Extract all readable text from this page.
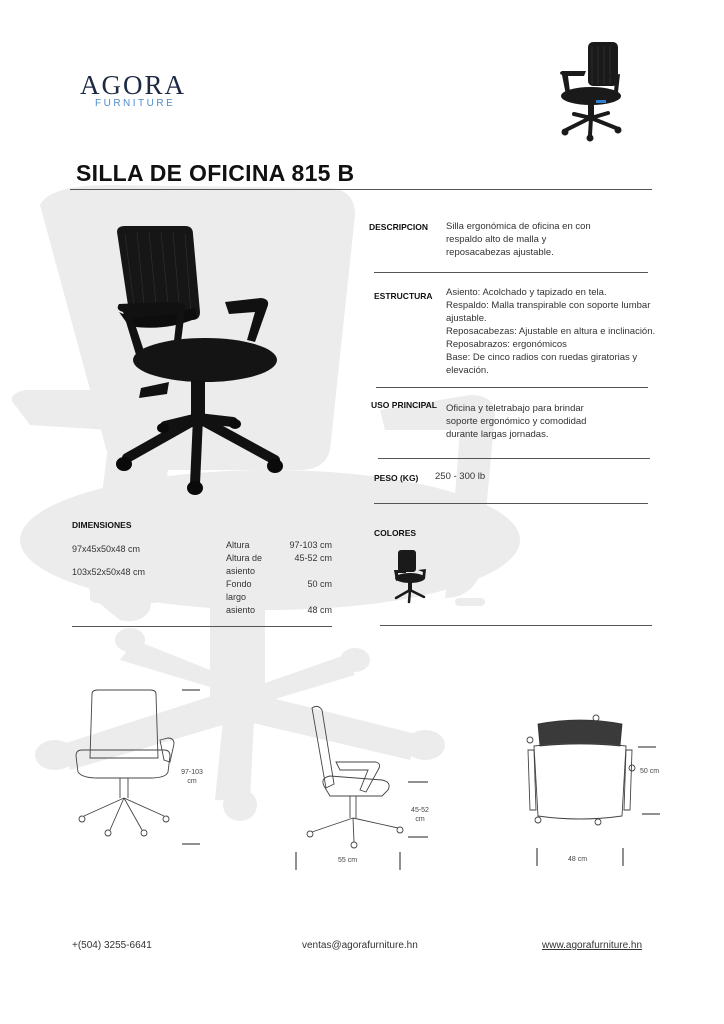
AGORA
FURNITURE
SILLA DE OFICINA 815 B
DESCRIPCION Silla ergonómica de oficina en con
respaldo alto de malla y
reposacabezas ajustable.
ESTRUCTURA Asiento: Acolchado y tapizado en tela.
Respaldo: Malla transpirable con soporte lumbar
ajustable.
Reposacabezas: Ajustable en altura e inclinación.
Reposabrazos: ergonómicos
Base: De cinco radios con ruedas giratorias y
elevación.
USO PRINCIPAL Oficina y teletrabajo para brindar
soporte ergonómico y comodidad
durante largas jornadas.
PESO (KG) 250 - 300 lb
COLORES
DIMENSIONES
97x45x50x48 cm
103x52x50x48 cm
Altura	97-103 cm
Altura de
asiento
45-52 cm
Fondo
largo
50 cm
asiento	48 cm
97-103
cm
45-52
cm
55 cm
50 cm
48 cm
+(504) 3255-6641	ventas@agorafurniture.hn	www.agorafurniture.hn
